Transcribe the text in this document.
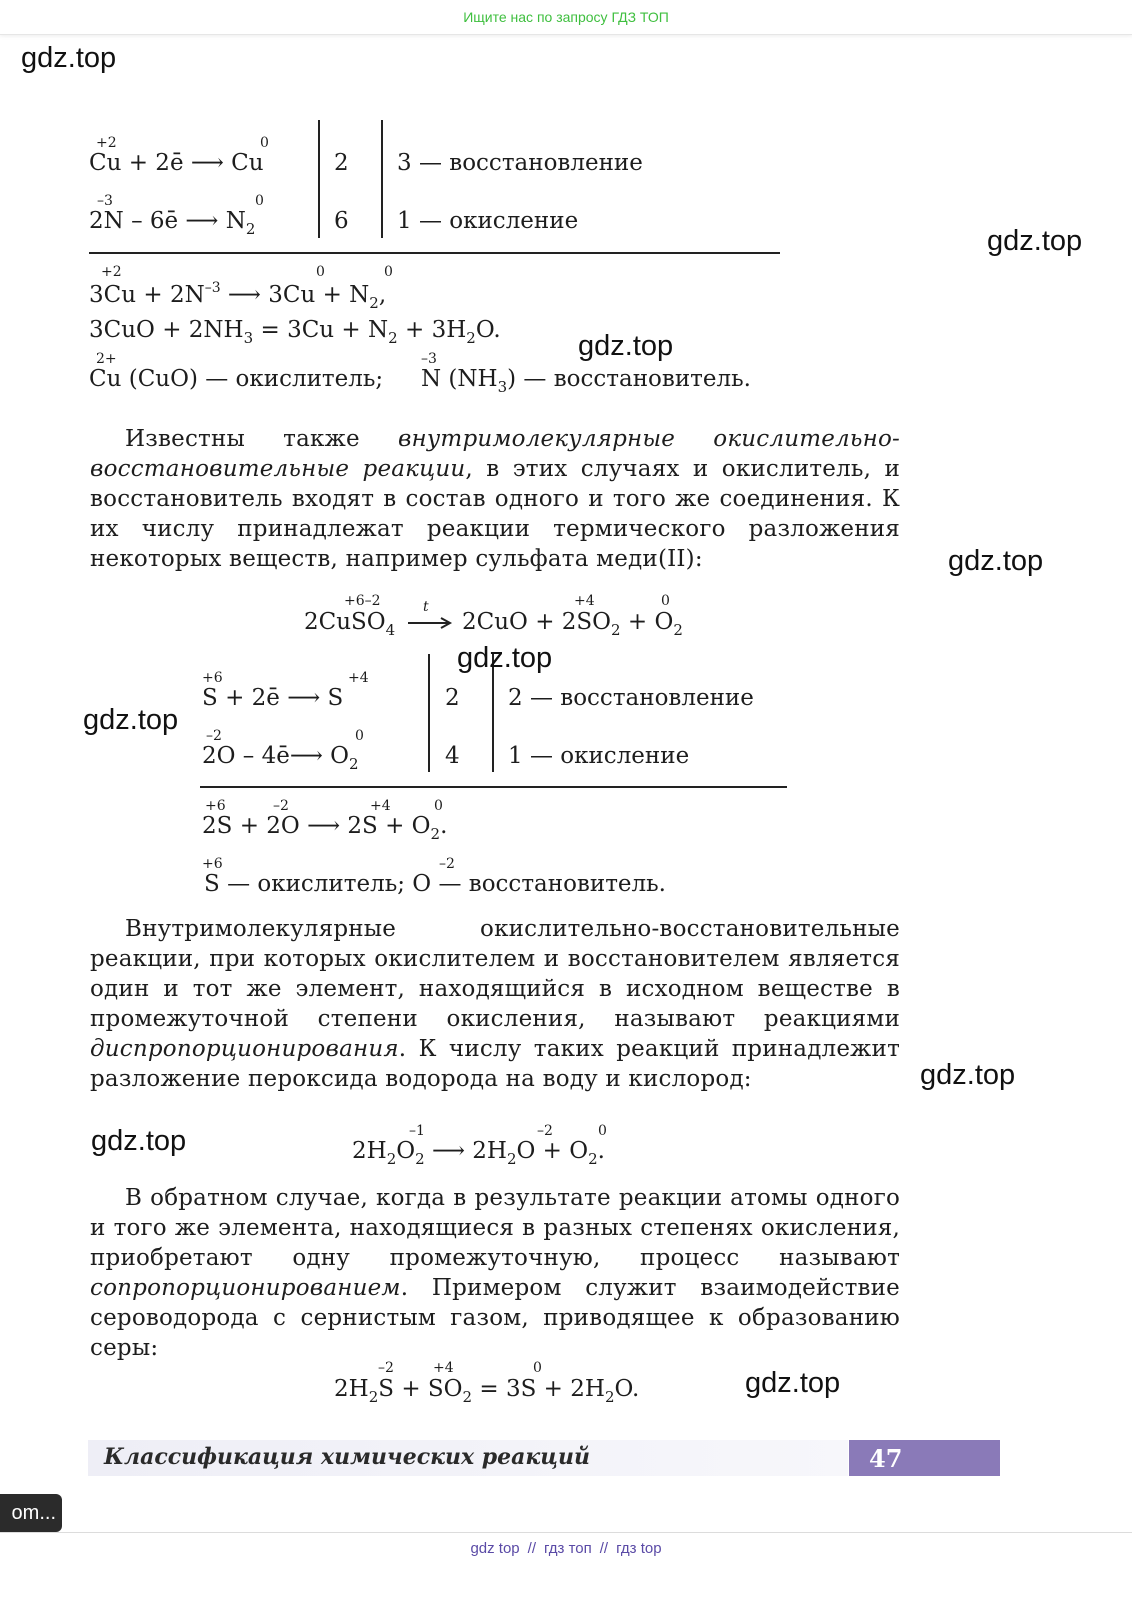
Ищите нас по запросу ГДЗ ТОП
gdz.top
gdz.top
gdz.top
gdz.top
gdz.top
gdz.top
gdz.top
gdz.top
gdz.top
+2	0
Cu + 2ē ⟶ Cu	2 3 — восстановление
–3	0
2N – 6ē ⟶ $N_2$	6 1 — окисление
+2	0	0
$3Cu + 2N^{-3}$ ⟶ $3Cu + N_2$,
$3CuO + 2NH_3 = 3Cu + N_2 + 3H_2O$.
2+	–3
Cu (CuO) — окислитель; N $(NH_3)$ — восстановитель.

Известны также внутримолекулярные окислительно-восстановительные реакции, в этих случаях и окислитель, и восстановитель входят в состав одного и того же соединения. К их числу принадлежат реакции термического разложения некоторых веществ, например сульфата меди(II):

+6–2	+4	0
2CuSO$_4$
t
→ $2CuO + 2SO_2 + O_2$
+6	+4
S + 2ē ⟶ S	2 2 — восстановление
–2	0
2O – 4ē⟶ $O_2$	4 1 — окисление
+6	–2	+4	0
2S + 2O ⟶ $2S + O_2$.
+6	–2
S — окислитель; O — восстановитель.

Внутримолекулярные окислительно-восстановительные реакции, при которых окислителем и восстановителем является один и тот же элемент, находящийся в исходном веществе в промежуточной степени окисления, называют реакциями диспропорционирования. К числу таких реакций принадлежит разложение пероксида водорода на воду и кислород:

–1	–2	0
$2H_2O_2$ ⟶ $2H_2O + O_2$.

В обратном случае, когда в результате реакции атомы одного и того же элемента, находящиеся в разных степенях окисления, приобретают одну промежуточную, процесс называют сопропорционированием. Примером служит взаимодействие сероводорода с сернистым газом, приводящее к образованию серы:

–2	+4	0
$2H_2S + SO_2 = 3S + 2H_2O$.
Классификация химических реакций	47
om...
gdz top // гдз топ // гдз top
